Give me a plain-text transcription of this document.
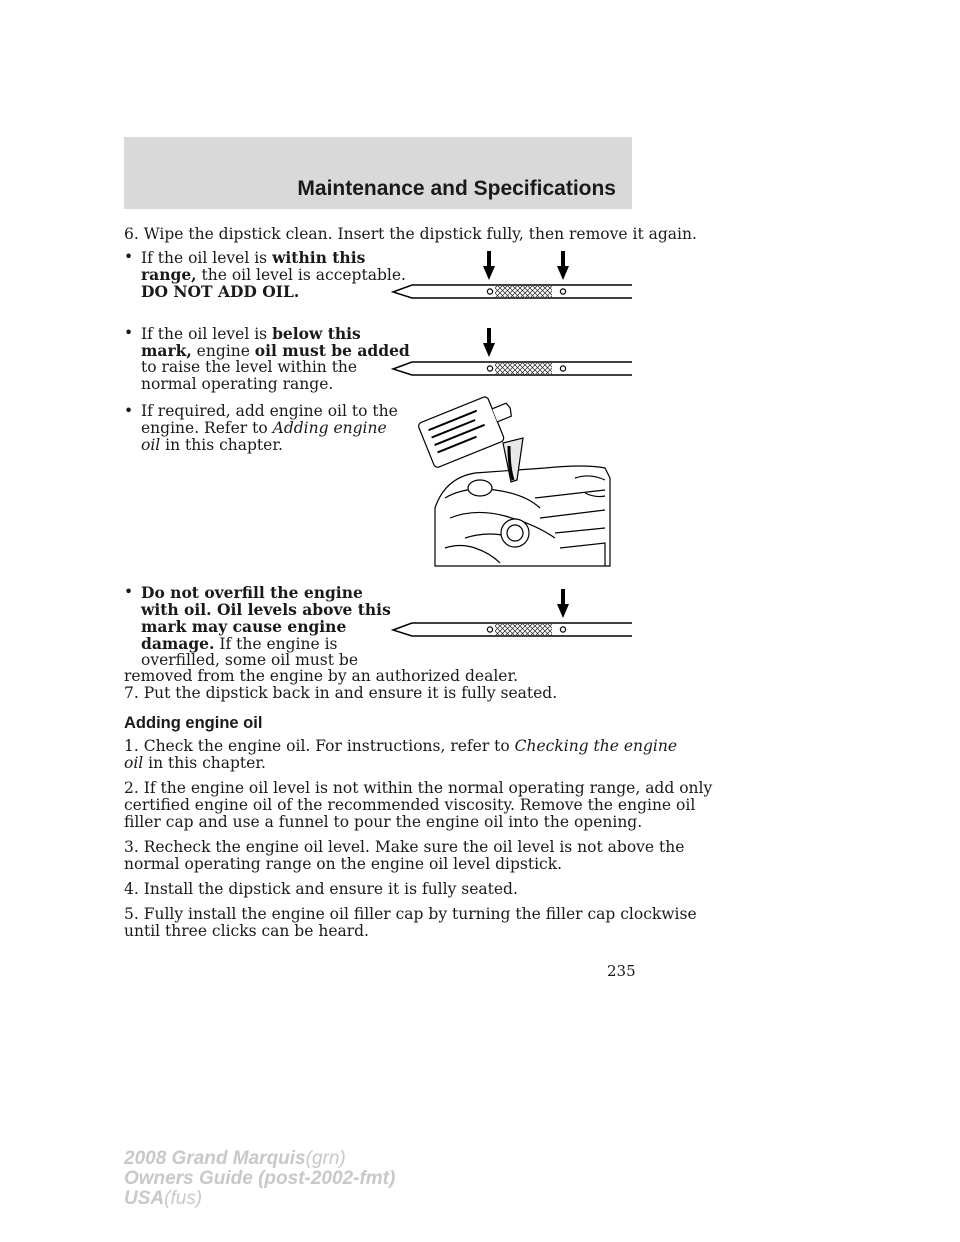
Maintenance and Specifications
6. Wipe the dipstick clean. Insert the dipstick fully, then remove it again.
• If the oil level is within this
range, the oil level is acceptable.
DO NOT ADD OIL.
• If the oil level is below this
mark, engine oil must be added
to raise the level within the
normal operating range.
• If required, add engine oil to the
engine. Refer to Adding engine
oil in this chapter.
• Do not overfill the engine
with oil. Oil levels above this
mark may cause engine
damage. If the engine is
overfilled, some oil must be
removed from the engine by an authorized dealer.
7. Put the dipstick back in and ensure it is fully seated.
Adding engine oil
1. Check the engine oil. For instructions, refer to Checking the engine
oil in this chapter.
2. If the engine oil level is not within the normal operating range, add only
certified engine oil of the recommended viscosity. Remove the engine oil
filler cap and use a funnel to pour the engine oil into the opening.
3. Recheck the engine oil level. Make sure the oil level is not above the
normal operating range on the engine oil level dipstick.
4. Install the dipstick and ensure it is fully seated.
5. Fully install the engine oil filler cap by turning the filler cap clockwise
until three clicks can be heard.
235
2008 Grand Marquis(grn)
Owners Guide (post-2002-fmt)
USA(fus)
